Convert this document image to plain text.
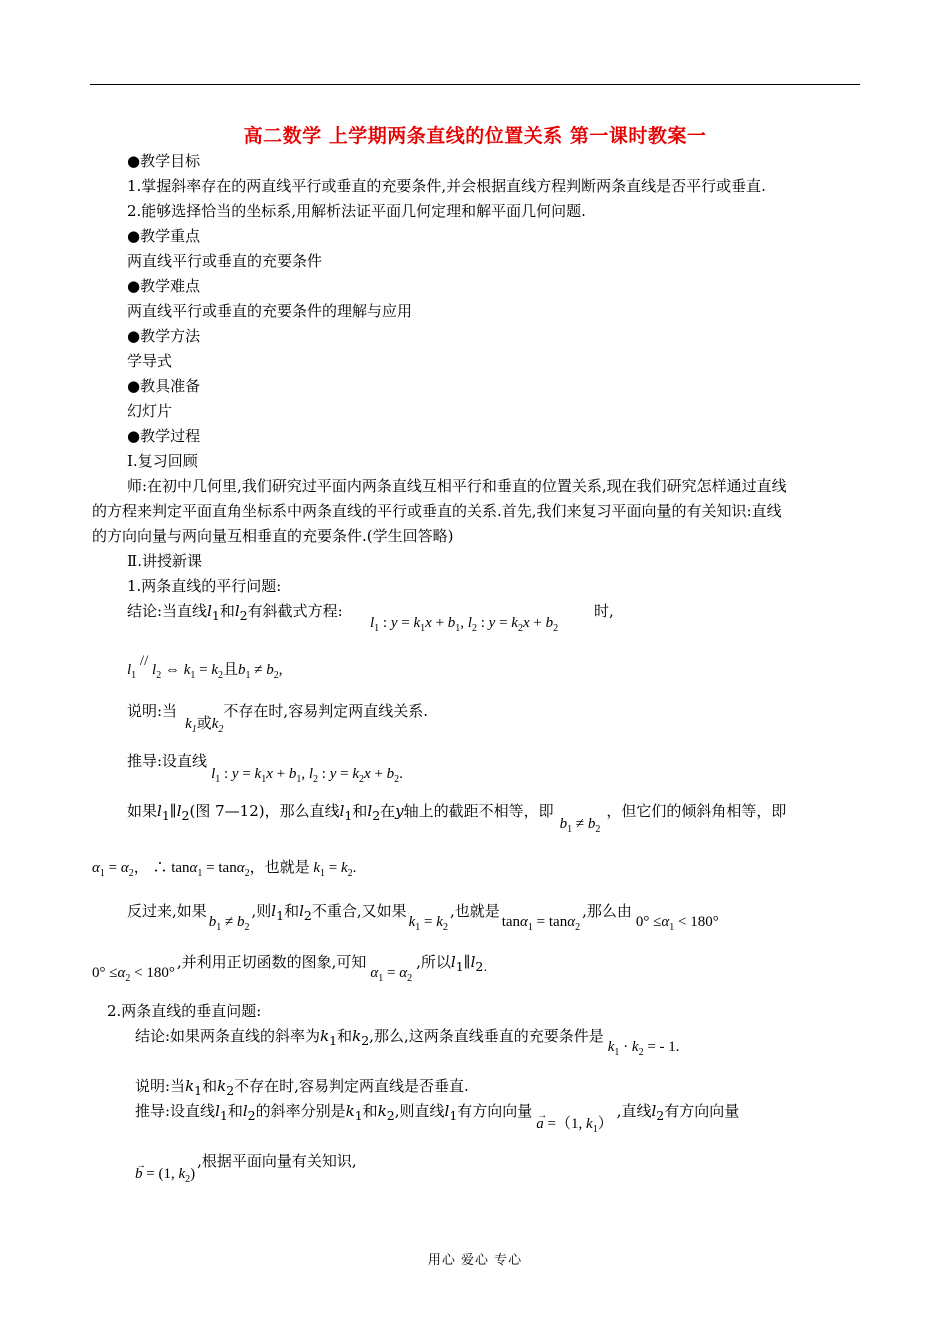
高二数学 上学期两条直线的位置关系 第一课时教案一
●教学目标
1.掌握斜率存在的两直线平行或垂直的充要条件,并会根据直线方程判断两条直线是否平行或垂直.
2.能够选择恰当的坐标系,用解析法证平面几何定理和解平面几何问题.
●教学重点
两直线平行或垂直的充要条件
●教学难点
两直线平行或垂直的充要条件的理解与应用
●教学方法
学导式
●教具准备
幻灯片
●教学过程
Ⅰ.复习回顾
师:在初中几何里,我们研究过平面内两条直线互相平行和垂直的位置关系,现在我们研究怎样通过直线
的方程来判定平面直角坐标系中两条直线的平行或垂直的关系.首先,我们来复习平面向量的有关知识:直线
的方向向量与两向量互相垂直的充要条件.(学生回答略)
Ⅱ.讲授新课
1.两条直线的平行问题:
结论:当直线$l_1$和$l_2$有斜截式方程:
$l_1$ : $y = k_1x + b_1$, $l_2$ : $y = k_2x + b_2$
时,
$l_1 // l_2$ ⇔ $k_1 = k_2$且$b_1 \ne b_2$,
说明:当$k_1$或$k_2$不存在时,容易判定两直线关系.
推导:设直线$l_1$ : $y = k_1x + b_1$, $l_2$ : $y = k_2x + b_2$.
如果$l_1\parallel l_2$(图 7—12)，那么直线$l_1$和$l_2$在y轴上的截距不相等，即$b_1 \ne b_2$，但它们的倾斜角相等，即
$\alpha_1 = \alpha_2$， ∴ tanα$_1$ = tanα$_2$，也就是 $k_1 = k_2$.
反过来,如果$b_1 \ne b_2$,则$l_1$和$l_2$不重合,又如果$k_1 = k_2$,也就是tanα$_1$ = tanα$_2$,那么由$0^\circ \le\alpha_1 < 180^\circ$
$0^\circ \le\alpha_2 < 180^\circ$,并利用正切函数的图象,可知$\alpha_1 = \alpha_2$,所以$l_1\parallel l_{2.}$
2.两条直线的垂直问题:
结论:如果两条直线的斜率为$k_1$和$k_2$,那么,这两条直线垂直的充要条件是$k_1 \cdot k_2$ = - 1.
说明:当$k_1$和$k_2$不存在时,容易判定两直线是否垂直.
推导:设直线$l_1$和$l_2$的斜率分别是$k_1$和$k_2$,则直线$l_1$有方向向量a
→
=（1, $k_1$）,直线$l_2$有方向向量
b
→
= (1, $k_2$),根据平面向量有关知识,
用心 爱心 专心
